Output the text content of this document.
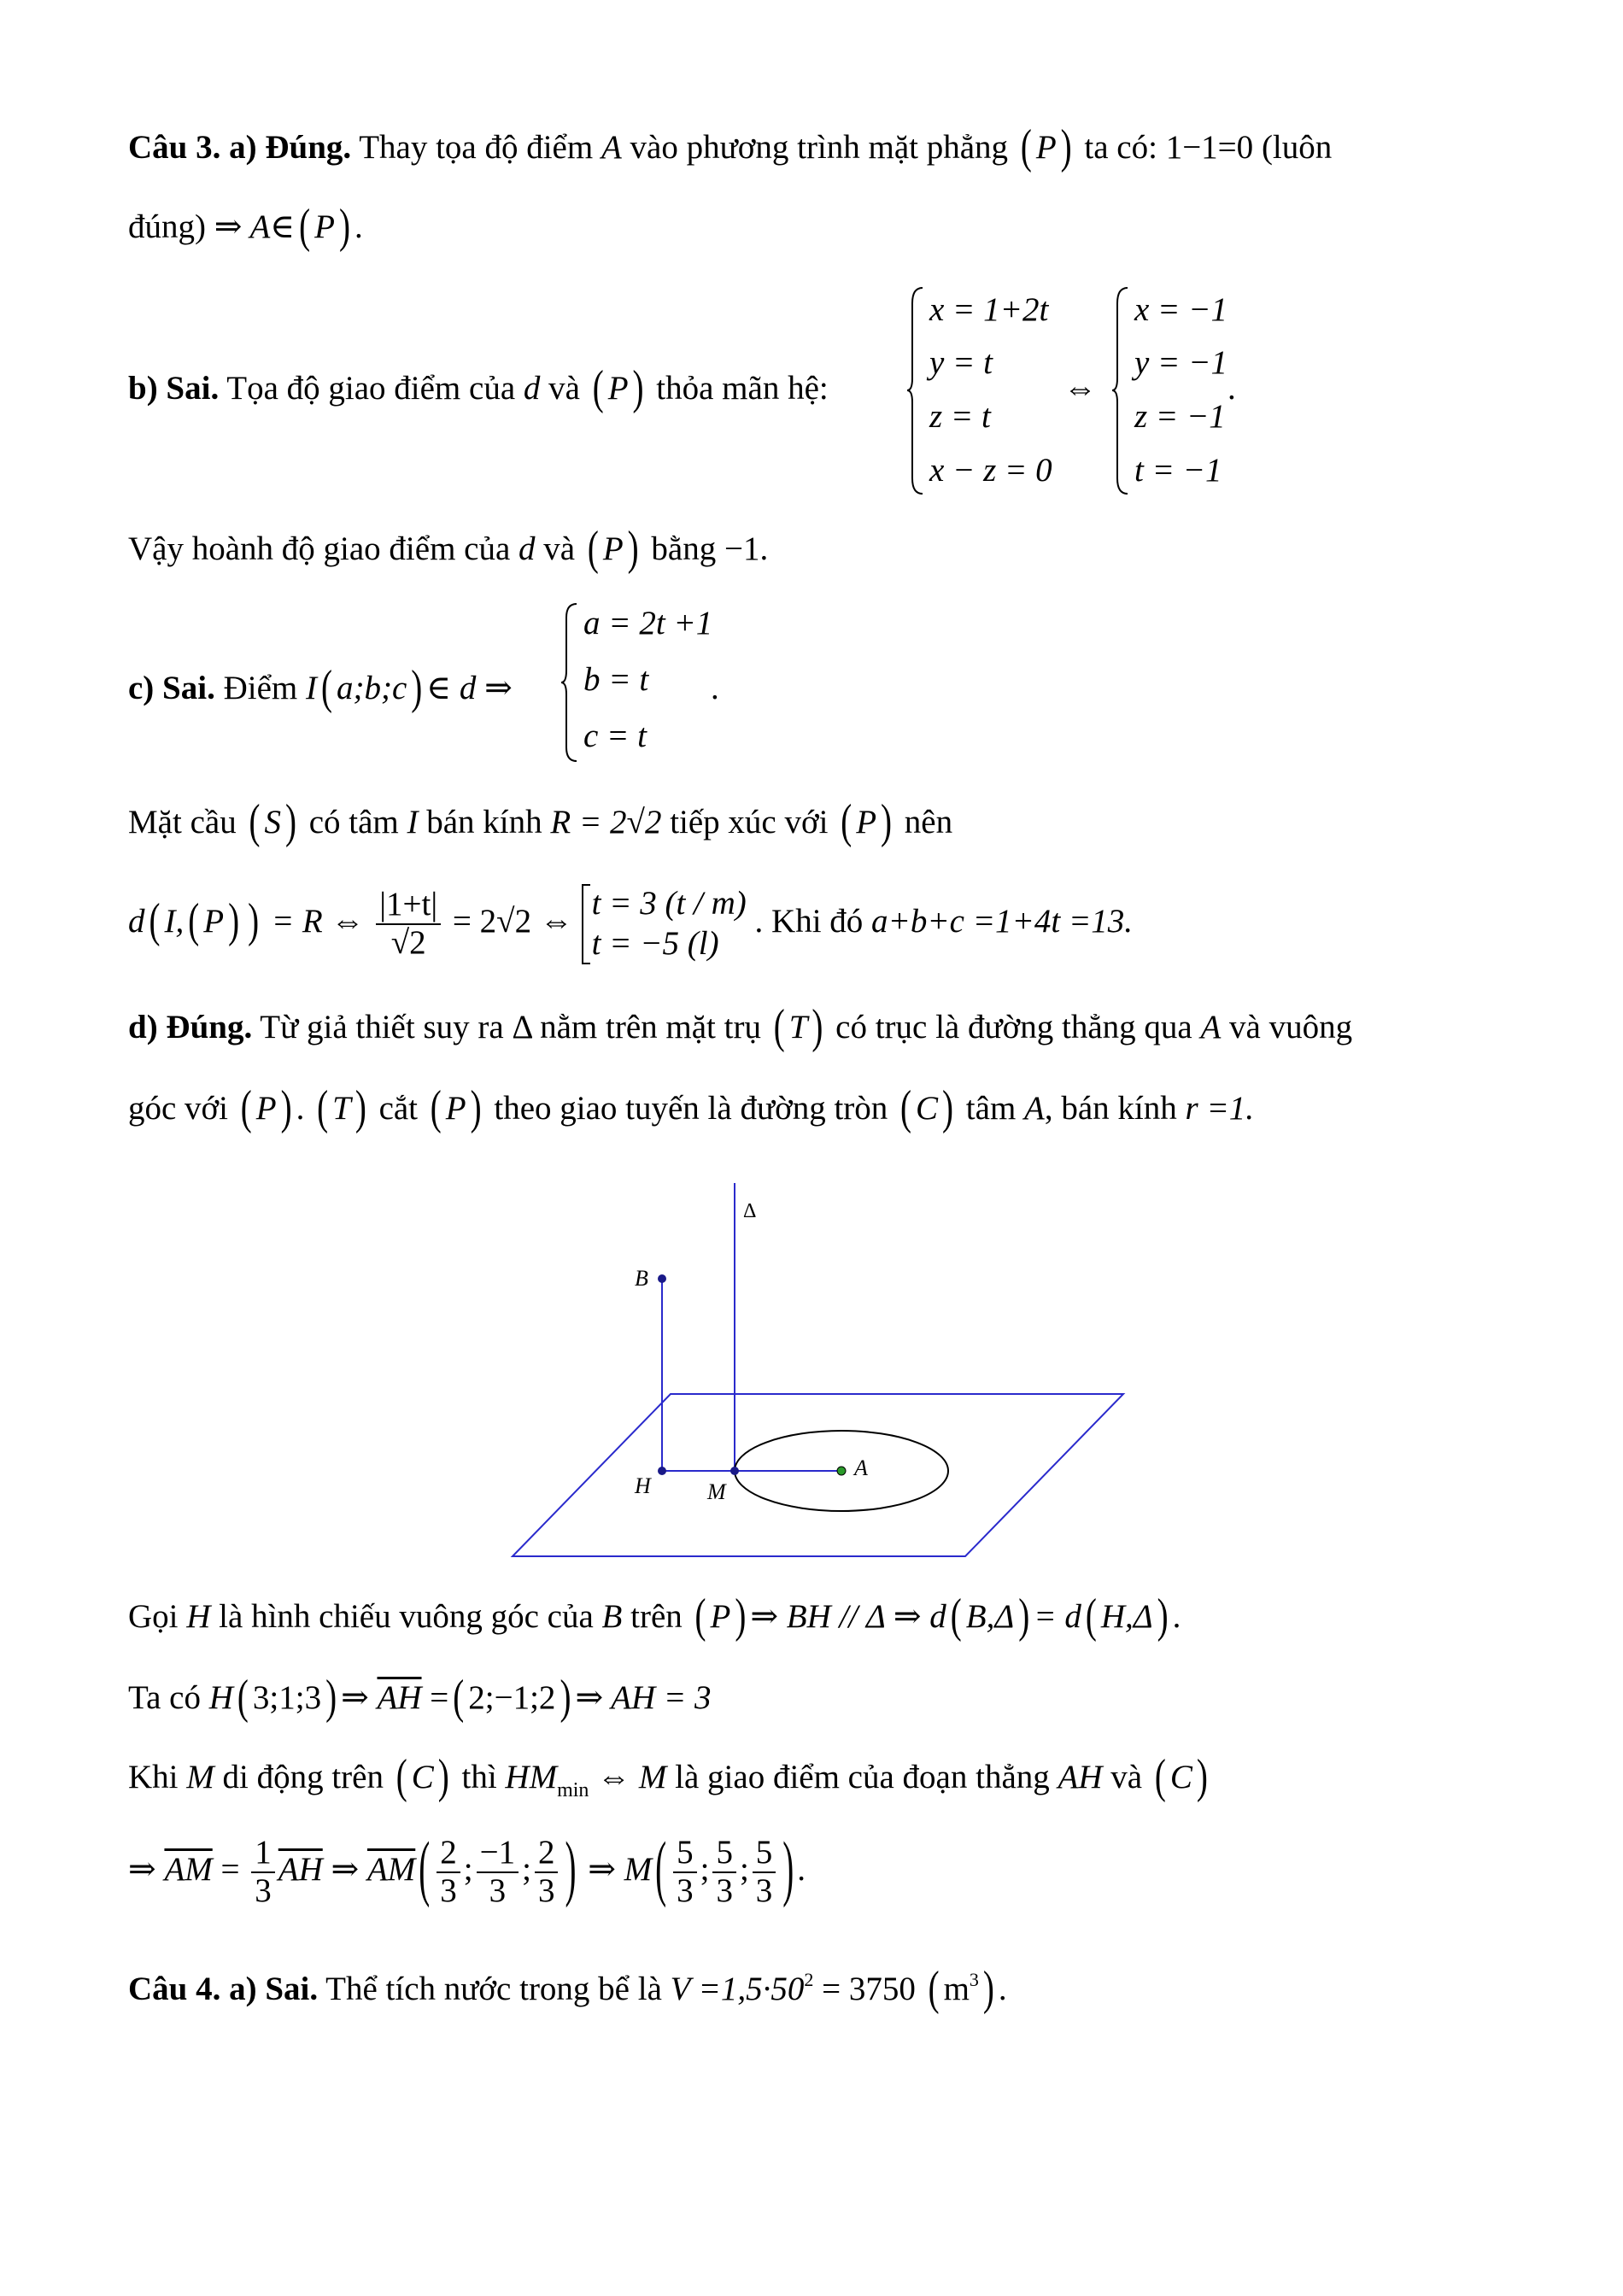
Câu 3. a) Đúng. Thay tọa độ điểm A vào phương trình mặt phẳng ( P ) ta có: 1−1=0 (luôn
đúng) ⇒ A∈ ( P ) .
b) Sai. Tọa độ giao điểm của d và ( P ) thỏa mãn hệ:
x = 1+2t
y = t
z = t
x − z = 0
⇔
x = −1
y = −1
z = −1
t = −1
.
Vậy hoành độ giao điểm của d và ( P ) bằng −1.
c) Sai. Điểm I ( a;b;c ) ∈ d ⇒
a = 2t +1
b = t
c = t
.
Mặt cầu ( S ) có tâm I bán kính R = 2√2 tiếp xúc với ( P ) nên
d ( I, ( P ) ) = R ⇔ $\frac{|1+t|}{√2} = 2√2$ ⇔ t = 3 (t / m)
t = −5 (l)
. Khi đó a+b+c =1+4t =13.
d) Đúng. Từ giả thiết suy ra Δ nằm trên mặt trụ ( T ) có trục là đường thẳng qua A và vuông
góc với ( P ) . ( T ) cắt ( P ) theo giao tuyến là đường tròn ( C ) tâm A, bán kính r =1.
Δ
B
H	M
A
Gọi H là hình chiếu vuông góc của B trên ( P ) ⇒ BH // Δ ⇒ d ( B,Δ ) = d ( H,Δ ) .
Ta có H ( 3;1;3 ) ⇒ $\overline{AH}$ = ( 2;−1;2 ) ⇒ AH = 3
Khi M di động trên ( C ) thì $HM_{min}$ ⇔ M là giao điểm của đoạn thẳng AH và ( C )
⇒ $\overline{AM} = \frac{1}{3} \overline{AH}$ ⇒ $\overline{AM}$ ( $\frac{2}{3}$ ; $\frac{-1}{3}$ ; $\frac{2}{3}$ ) ⇒ M ( $\frac{5}{3}$ ; $\frac{5}{3}$ ; $\frac{5}{3}$ ) .
Câu 4. a) Sai. Thể tích nước trong bể là $V =1,5\cdot 50^2 = 3750$ ( $m^3$ ) .
